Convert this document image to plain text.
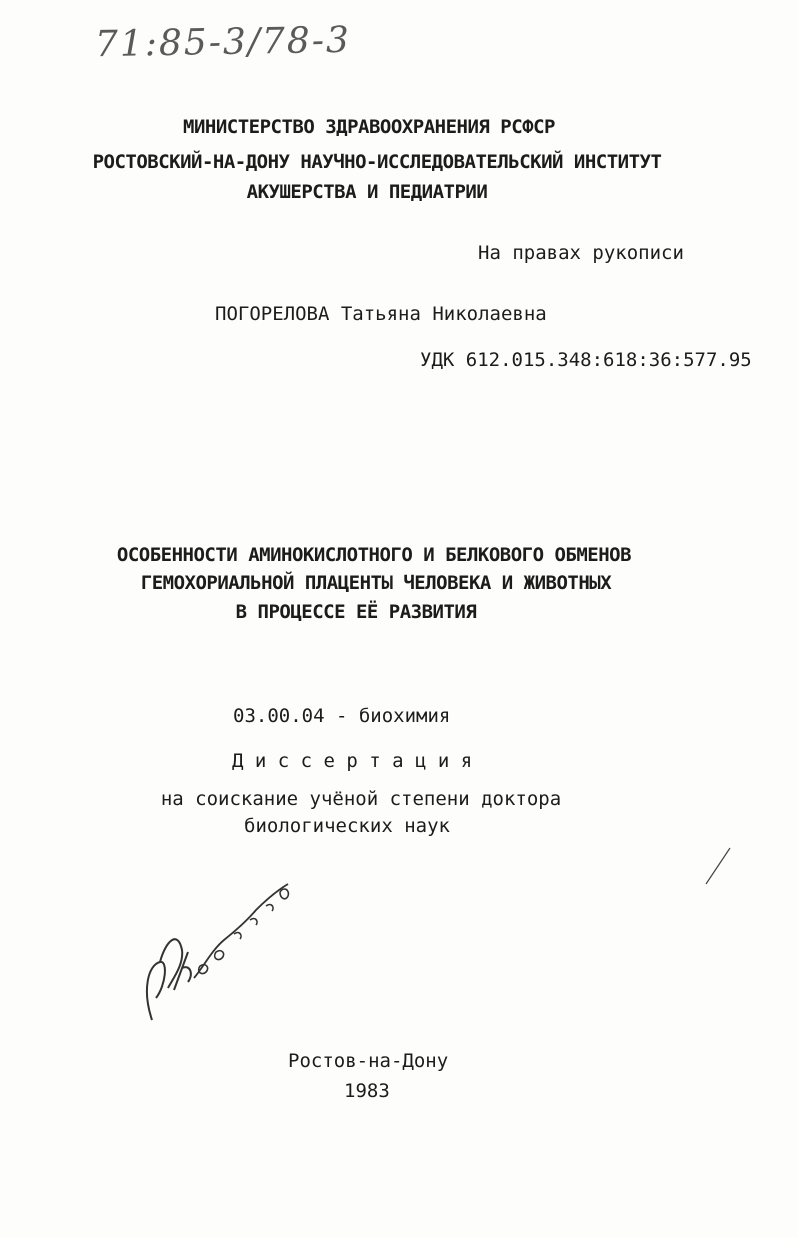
71:85-3/78-3
МИНИСТЕРСТВО ЗДРАВООХРАНЕНИЯ РСФСР
РОСТОВСКИЙ-НА-ДОНУ НАУЧНО-ИССЛЕДОВАТЕЛЬСКИЙ ИНСТИТУТ
АКУШЕРСТВА И ПЕДИАТРИИ
На правах рукописи
ПОГОРЕЛОВА Татьяна Николаевна
УДК 612.015.348:618:36:577.95
ОСОБЕННОСТИ АМИНОКИСЛОТНОГО И БЕЛКОВОГО ОБМЕНОВ
ГЕМОХОРИАЛЬНОЙ ПЛАЦЕНТЫ ЧЕЛОВЕКА И ЖИВОТНЫХ
В ПРОЦЕССЕ ЕЁ РАЗВИТИЯ
03.00.04 - биохимия
Д и с с е р т а ц и я
на соискание учёной степени доктора
биологических наук
Ростов-на-Дону
1983
